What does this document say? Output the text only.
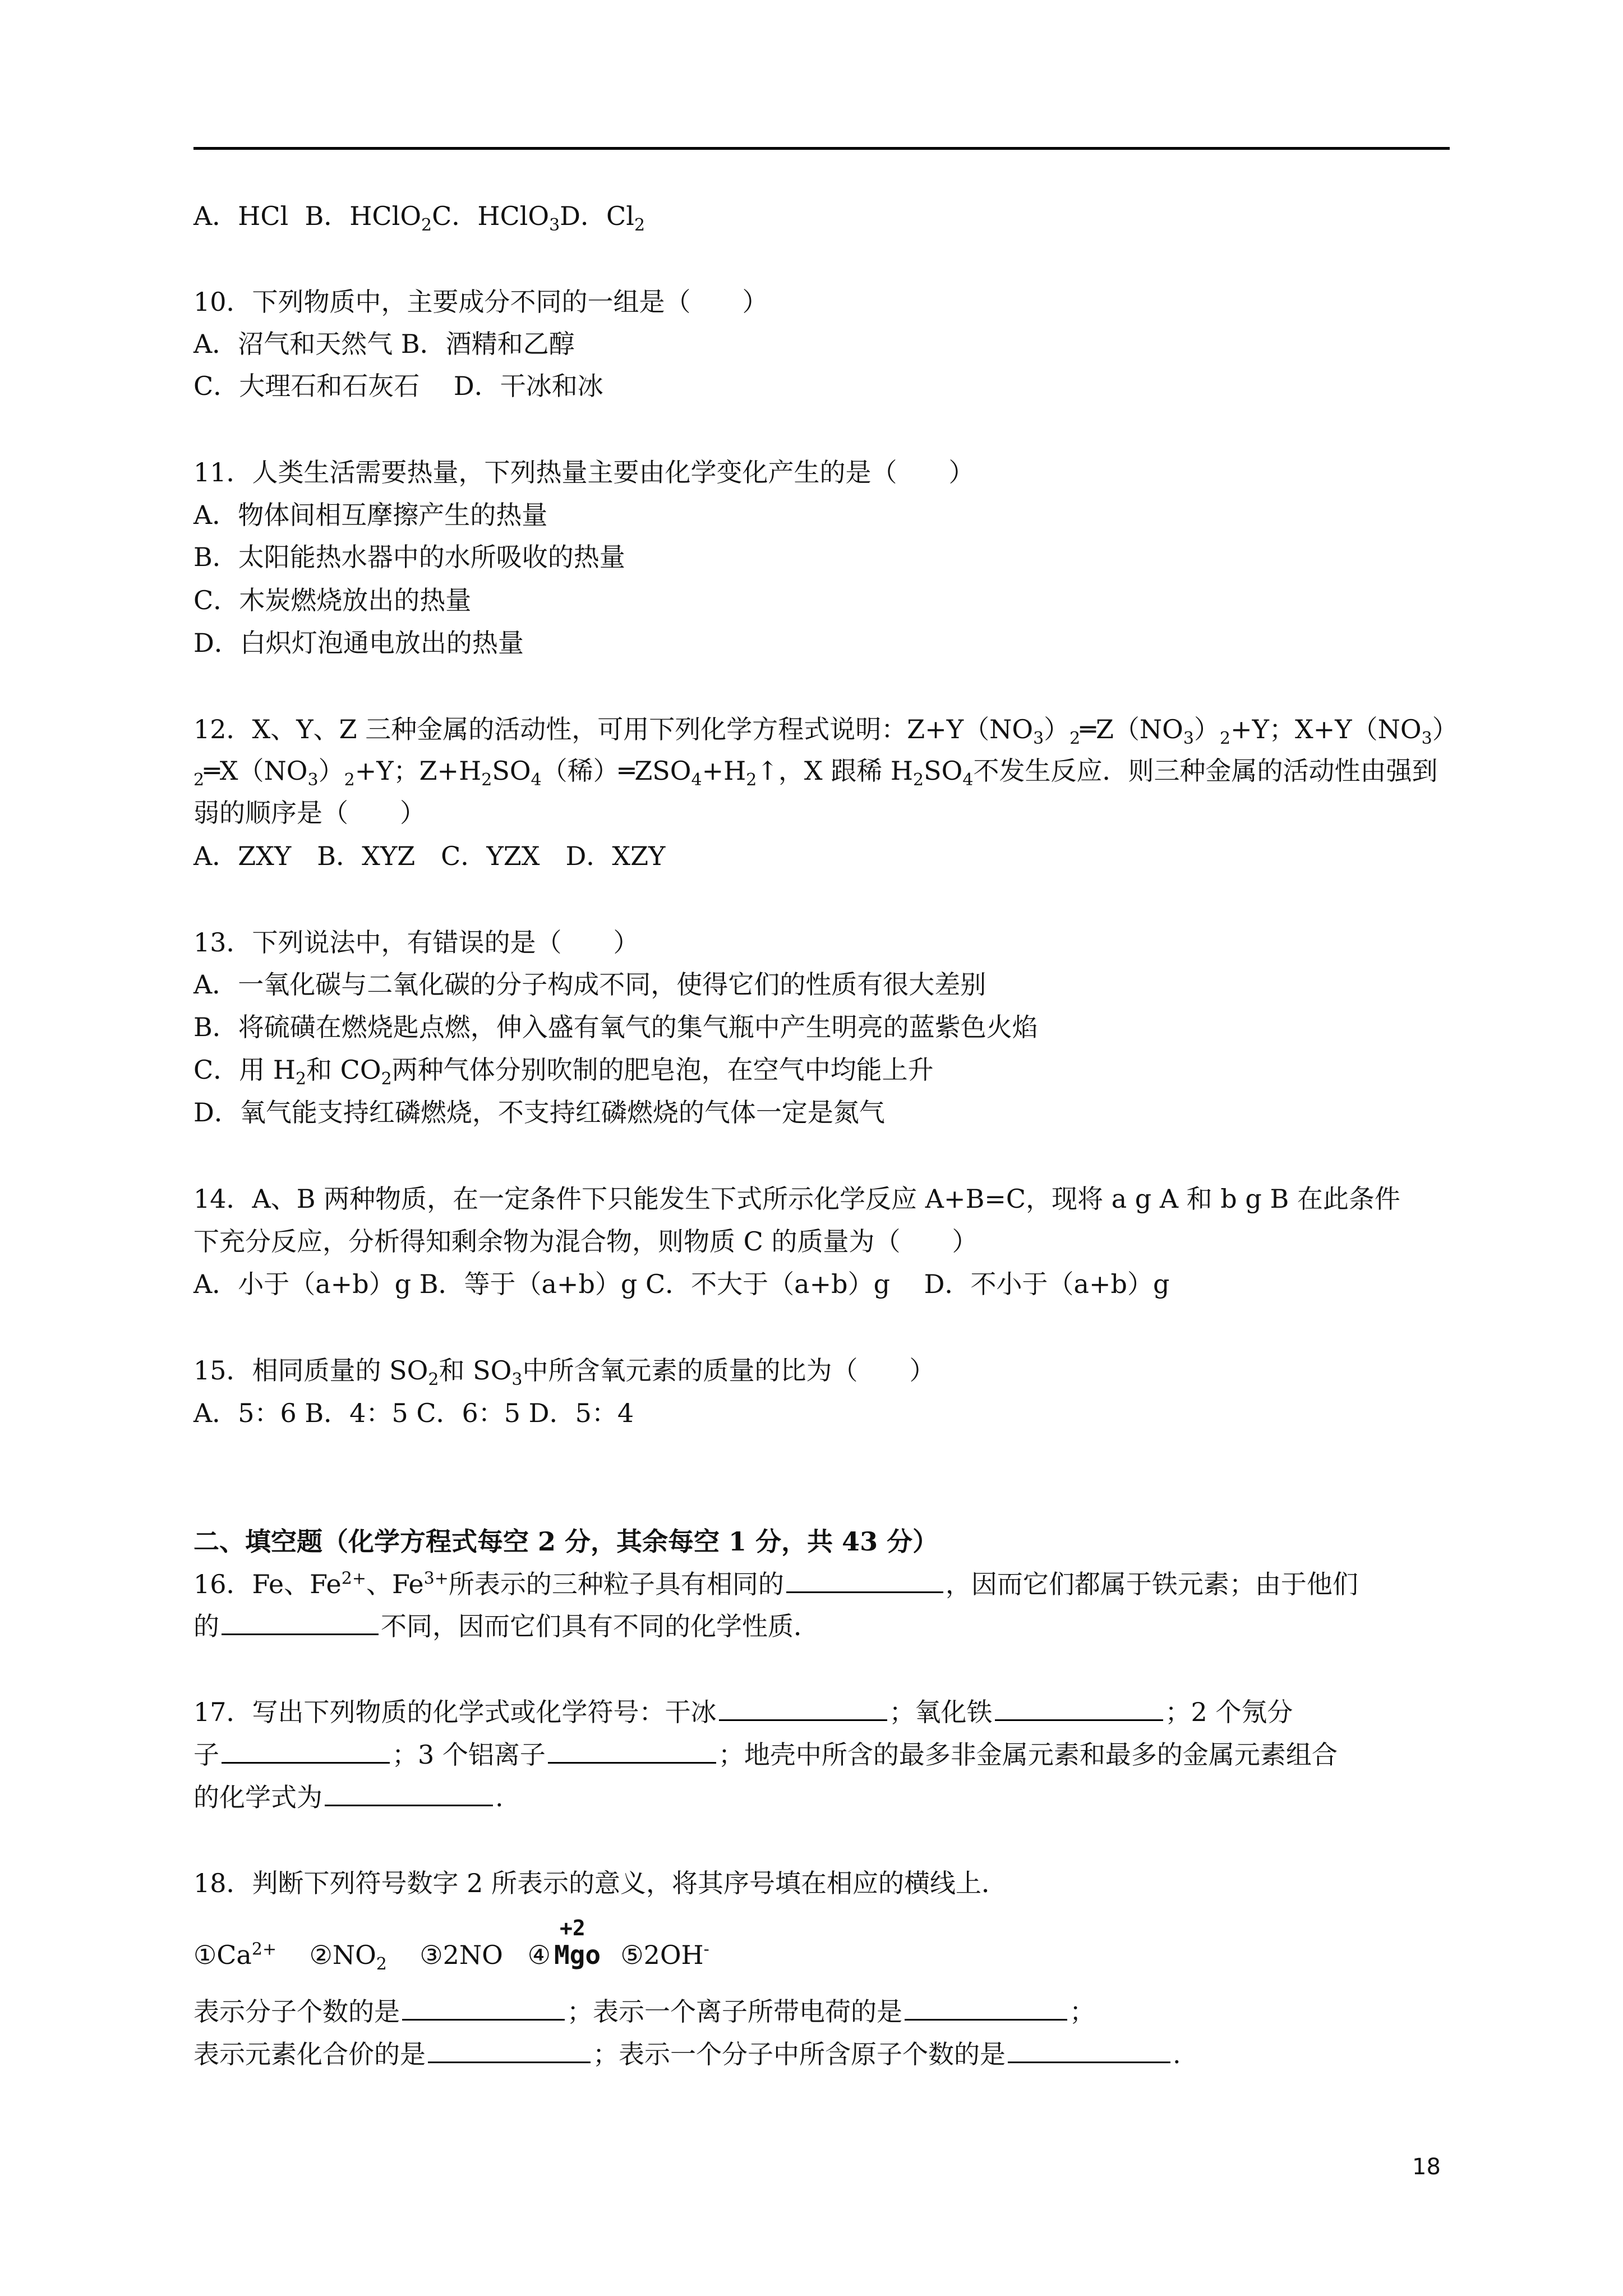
A．HCl B．HClO$_2$C．HClO$_3$D．$Cl_2$
10．下列物质中，主要成分不同的一组是（　　）
A．沼气和天然气 B．酒精和乙醇
C．大理石和石灰石　 D．干冰和冰
11．人类生活需要热量，下列热量主要由化学变化产生的是（　　）
A．物体间相互摩擦产生的热量
B．太阳能热水器中的水所吸收的热量
C．木炭燃烧放出的热量
D．白炽灯泡通电放出的热量
12．X、Y、Z 三种金属的活动性，可用下列化学方程式说明：$Z+Y(NO_3)_2═Z(NO_3)_2+Y$；$X+Y(NO_3)$
$_2═X(NO_3)_2+Y$；$Z+H_2SO_4$（稀）$═ZSO_4+H_2↑$，X 跟稀 $H_2SO_4$不发生反应．则三种金属的活动性由强到
弱的顺序是（　　）
A．ZXY　B．XYZ　C．YZX　D．XZY
13．下列说法中，有错误的是（　　）
A．一氧化碳与二氧化碳的分子构成不同，使得它们的性质有很大差别
B．将硫磺在燃烧匙点燃，伸入盛有氧气的集气瓶中产生明亮的蓝紫色火焰
C．用 $H_2$和 $CO_2$两种气体分别吹制的肥皂泡，在空气中均能上升
D．氧气能支持红磷燃烧，不支持红磷燃烧的气体一定是氮气
14．A、B 两种物质，在一定条件下只能发生下式所示化学反应 A+B=C，现将 a g A 和 b g B 在此条件
下充分反应，分析得知剩余物为混合物，则物质 C 的质量为（　　）
A．小于（a+b）g B．等于（a+b）g C．不大于（a+b）g　 D．不小于（a+b）g
15．相同质量的 $SO_2$和 $SO_3$中所含氧元素的质量的比为（　　）
A．5：6 B．4：5 C．6：5 D．5：4
二、填空题（化学方程式每空 2 分，其余每空 1 分，共 43 分）
16．Fe、$Fe^{2+}$、$Fe^{3+}$所表示的三种粒子具有相同的	，因而它们都属于铁元素；由于他们
的	不同，因而它们具有不同的化学性质．
17．写出下列物质的化学式或化学符号：干冰	；氧化铁	；2 个氖分
子	；3 个铝离子	；地壳中所含的最多非金属元素和最多的金属元素组合
的化学式为	.
18．判断下列符号数字 2 所表示的意义，将其序号填在相应的横线上．
$①Ca^{2+}$ $②NO_2$ ③2NO ④
+2
Mgo ⑤2OH-
表示分子个数的是	；表示一个离子所带电荷的是	；
表示元素化合价的是	；表示一个分子中所含原子个数的是	.
18
